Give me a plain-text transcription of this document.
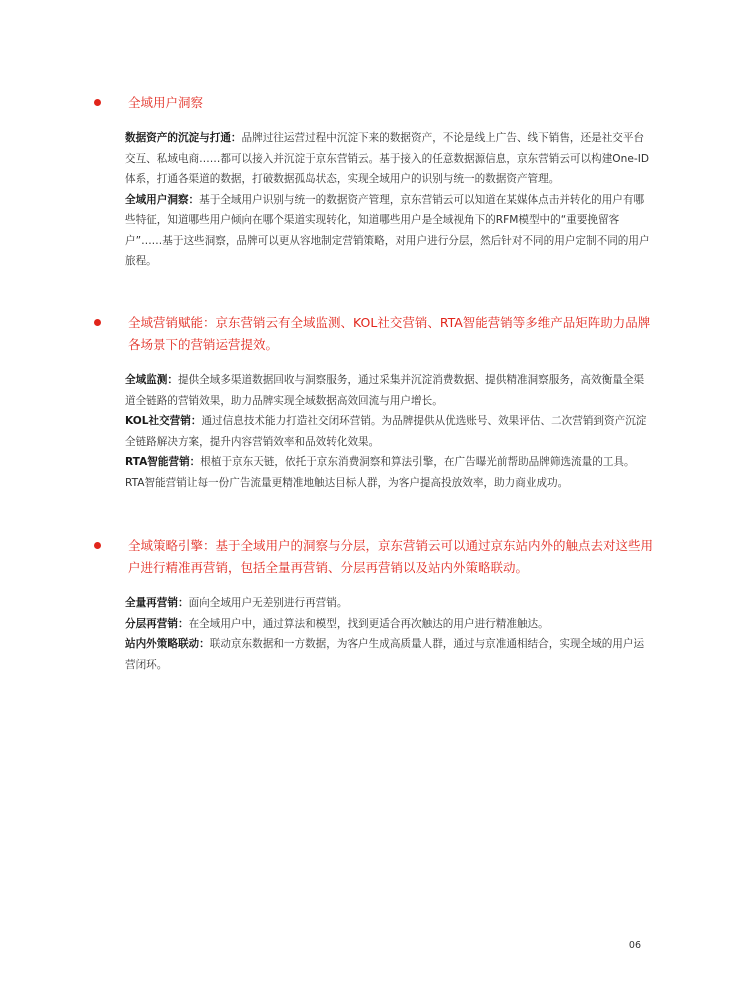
全域用户洞察

数据资产的沉淀与打通：品牌过往运营过程中沉淀下来的数据资产，不论是线上广告、线下销售，还是社交平台交互、私域电商……都可以接入并沉淀于京东营销云。基于接入的任意数据源信息，京东营销云可以构建One-ID体系，打通各渠道的数据，打破数据孤岛状态，实现全域用户的识别与统一的数据资产管理。

全域用户洞察：基于全域用户识别与统一的数据资产管理，京东营销云可以知道在某媒体点击并转化的用户有哪些特征，知道哪些用户倾向在哪个渠道实现转化，知道哪些用户是全域视角下的RFM模型中的“重要挽留客户”……基于这些洞察，品牌可以更从容地制定营销策略，对用户进行分层，然后针对不同的用户定制不同的用户旅程。

全域营销赋能：京东营销云有全域监测、KOL社交营销、RTA智能营销等多维产品矩阵助力品牌各场景下的营销运营提效。

全域监测：提供全域多渠道数据回收与洞察服务，通过采集并沉淀消费数据、提供精准洞察服务，高效衡量全渠道全链路的营销效果，助力品牌实现全域数据高效回流与用户增长。

KOL社交营销：通过信息技术能力打造社交闭环营销。为品牌提供从优选账号、效果评估、二次营销到资产沉淀全链路解决方案，提升内容营销效率和品效转化效果。

RTA智能营销：根植于京东天链，依托于京东消费洞察和算法引擎，在广告曝光前帮助品牌筛选流量的工具。RTA智能营销让每一份广告流量更精准地触达目标人群，为客户提高投放效率，助力商业成功。

全域策略引擎：基于全域用户的洞察与分层，京东营销云可以通过京东站内外的触点去对这些用户进行精准再营销，包括全量再营销、分层再营销以及站内外策略联动。

全量再营销：面向全域用户无差别进行再营销。

分层再营销：在全域用户中，通过算法和模型，找到更适合再次触达的用户进行精准触达。

站内外策略联动：联动京东数据和一方数据，为客户生成高质量人群，通过与京准通相结合，实现全域的用户运营闭环。

06
